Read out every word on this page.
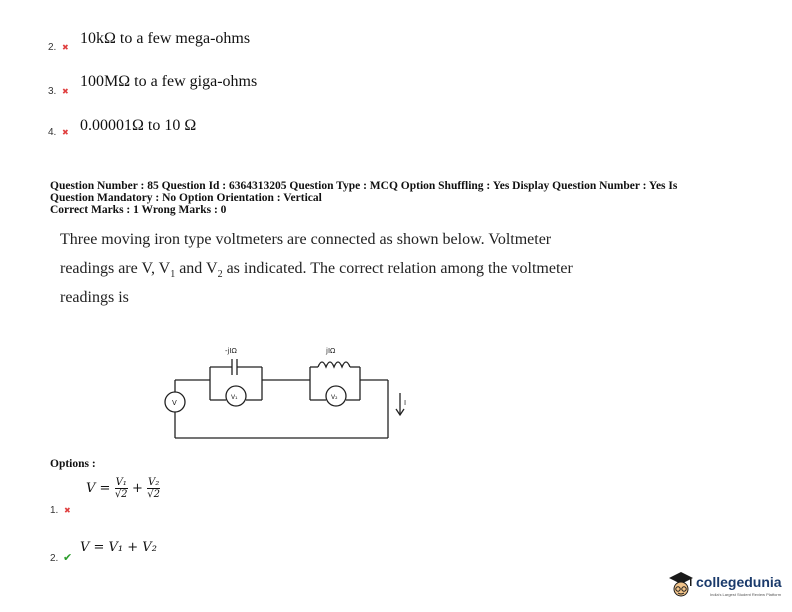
2. ✖
10kΩ to a few mega-ohms
3. ✖
100MΩ to a few giga-ohms
4. ✖ 0.00001Ω to 10 Ω
Question Number : 85 Question Id : 6364313205 Question Type : MCQ Option Shuffling : Yes Display Question Number : Yes Is
Question Mandatory : No Option Orientation : Vertical
Correct Marks : 1 Wrong Marks : 0
Three moving iron type voltmeters are connected as shown below. Voltmeter
readings are V, $V_1$ and $V_2$ as indicated. The correct relation among the voltmeter
readings is
V
V₁	V₂
-jIΩ	jIΩ
I
Options :
1. ✖
$V = \frac{\text{V₁}}{√2} + \frac{\text{V₂}}{√2}$
2. ✔
V = V₁ + V₂
collegedunia
India's Largest Student Review Platform
